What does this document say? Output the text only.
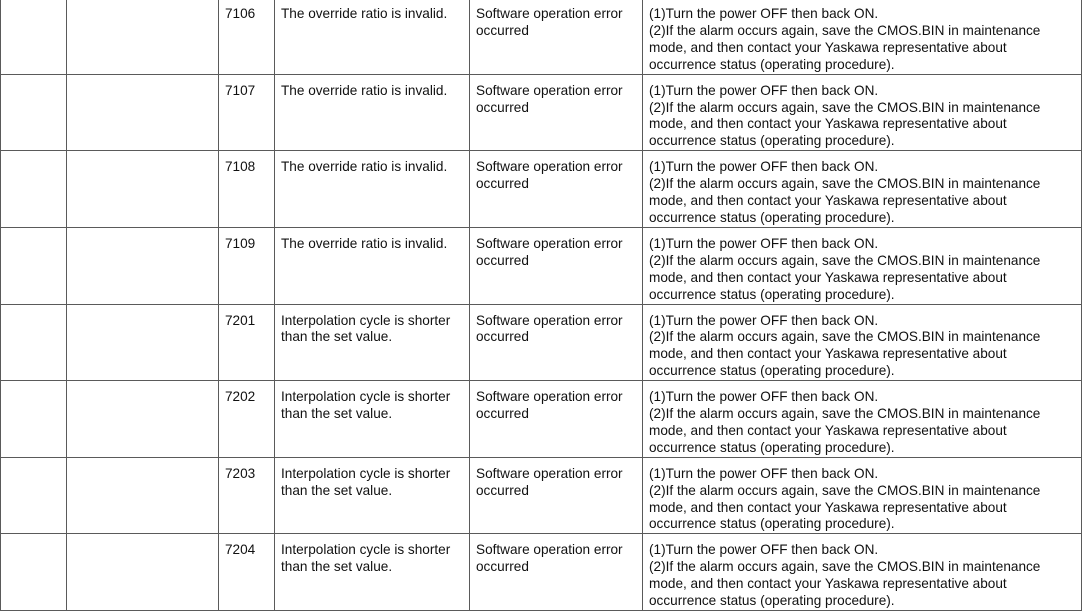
		7106	The override ratio is invalid.	Software operation error
occurred	(1)Turn the power OFF then back ON.
(2)If the alarm occurs again, save the CMOS.BIN in maintenance
mode, and then contact your Yaskawa representative about
occurrence status (operating procedure).

		7107	The override ratio is invalid.	Software operation error
occurred	(1)Turn the power OFF then back ON.
(2)If the alarm occurs again, save the CMOS.BIN in maintenance
mode, and then contact your Yaskawa representative about
occurrence status (operating procedure).

		7108	The override ratio is invalid.	Software operation error
occurred	(1)Turn the power OFF then back ON.
(2)If the alarm occurs again, save the CMOS.BIN in maintenance
mode, and then contact your Yaskawa representative about
occurrence status (operating procedure).

		7109	The override ratio is invalid.	Software operation error
occurred	(1)Turn the power OFF then back ON.
(2)If the alarm occurs again, save the CMOS.BIN in maintenance
mode, and then contact your Yaskawa representative about
occurrence status (operating procedure).

		7201	Interpolation cycle is shorter
than the set value.	Software operation error
occurred	(1)Turn the power OFF then back ON.
(2)If the alarm occurs again, save the CMOS.BIN in maintenance
mode, and then contact your Yaskawa representative about
occurrence status (operating procedure).

		7202	Interpolation cycle is shorter
than the set value.	Software operation error
occurred	(1)Turn the power OFF then back ON.
(2)If the alarm occurs again, save the CMOS.BIN in maintenance
mode, and then contact your Yaskawa representative about
occurrence status (operating procedure).

		7203	Interpolation cycle is shorter
than the set value.	Software operation error
occurred	(1)Turn the power OFF then back ON.
(2)If the alarm occurs again, save the CMOS.BIN in maintenance
mode, and then contact your Yaskawa representative about
occurrence status (operating procedure).

		7204	Interpolation cycle is shorter
than the set value.	Software operation error
occurred	(1)Turn the power OFF then back ON.
(2)If the alarm occurs again, save the CMOS.BIN in maintenance
mode, and then contact your Yaskawa representative about
occurrence status (operating procedure).
